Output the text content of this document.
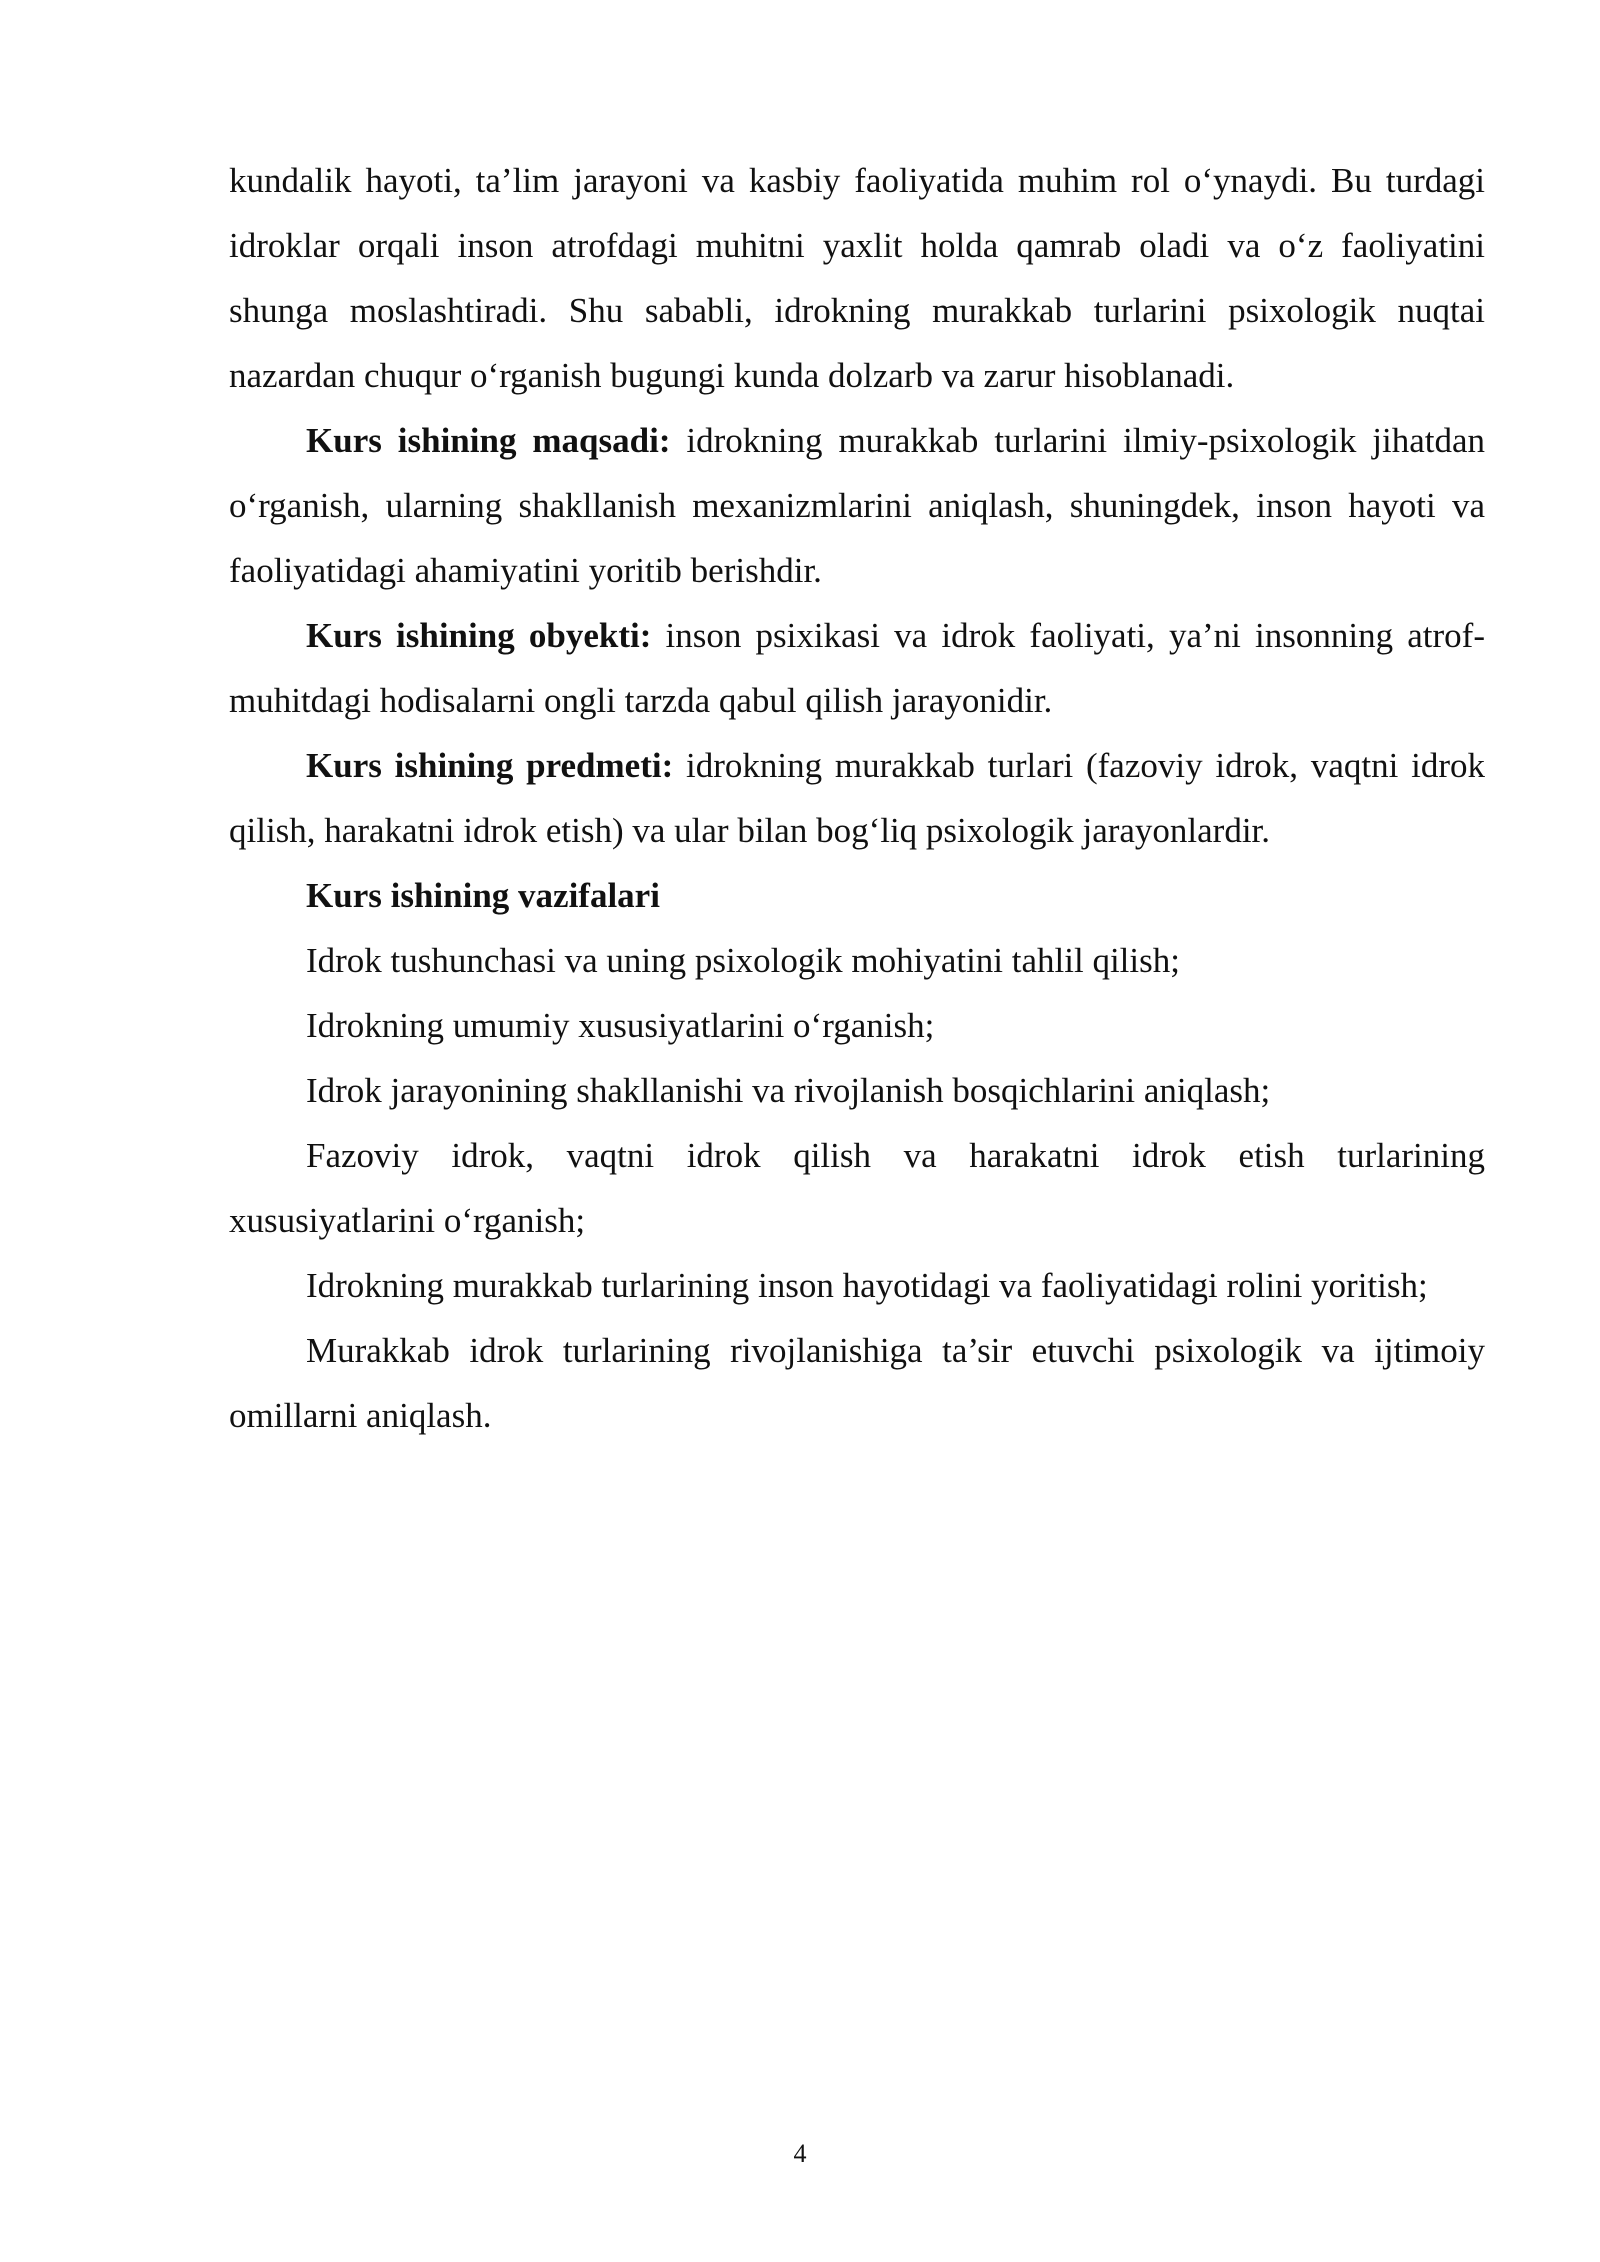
kundalik hayoti, ta’lim jarayoni va kasbiy faoliyatida muhim rol o‘ynaydi. Bu turdagi idroklar orqali inson atrofdagi muhitni yaxlit holda qamrab oladi va o‘z faoliyatini shunga moslashtiradi. Shu sababli, idrokning murakkab turlarini psixologik nuqtai nazardan chuqur o‘rganish bugungi kunda dolzarb va zarur hisoblanadi.

Kurs ishining maqsadi: idrokning murakkab turlarini ilmiy-psixologik jihatdan o‘rganish, ularning shakllanish mexanizmlarini aniqlash, shuningdek, inson hayoti va faoliyatidagi ahamiyatini yoritib berishdir.

Kurs ishining obyekti: inson psixikasi va idrok faoliyati, ya’ni insonning atrof-muhitdagi hodisalarni ongli tarzda qabul qilish jarayonidir.

Kurs ishining predmeti: idrokning murakkab turlari (fazoviy idrok, vaqtni idrok qilish, harakatni idrok etish) va ular bilan bog‘liq psixologik jarayonlardir.

Kurs ishining vazifalari

Idrok tushunchasi va uning psixologik mohiyatini tahlil qilish;

Idrokning umumiy xususiyatlarini o‘rganish;

Idrok jarayonining shakllanishi va rivojlanish bosqichlarini aniqlash;

Fazoviy idrok, vaqtni idrok qilish va harakatni idrok etish turlarining xususiyatlarini o‘rganish;

Idrokning murakkab turlarining inson hayotidagi va faoliyatidagi rolini yoritish;

Murakkab idrok turlarining rivojlanishiga ta’sir etuvchi psixologik va ijtimoiy omillarni aniqlash.

4
